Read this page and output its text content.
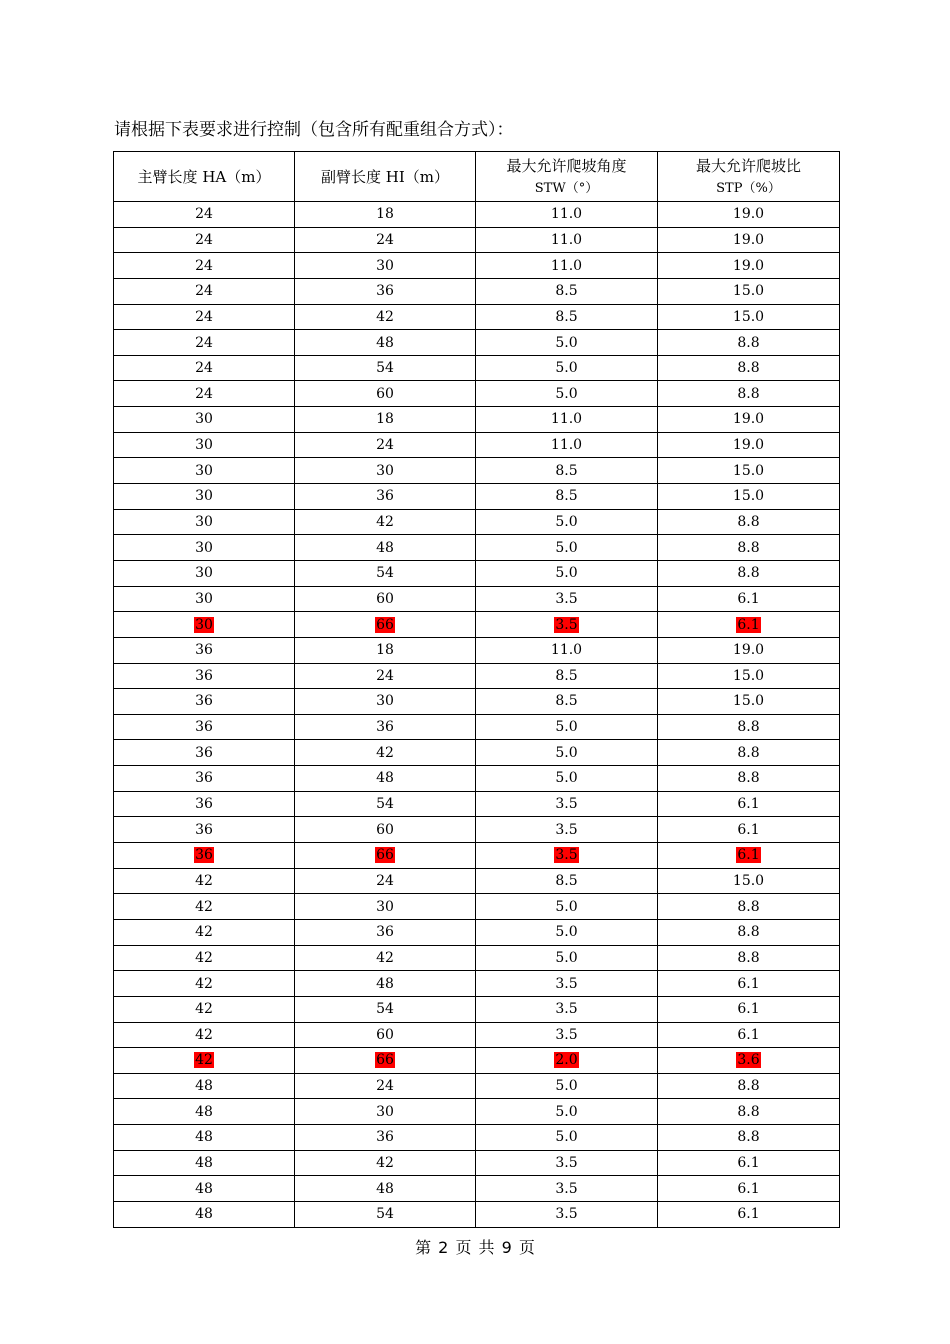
请根据下表要求进行控制（包含所有配重组合方式）：
主臂长度 HA（m）	副臂长度 HI（m）	最大允许爬坡角度
STW（°）	最大允许爬坡比
STP（%）

24	18	11.0	19.0
24	24	11.0	19.0
24	30	11.0	19.0
24	36	8.5	15.0
24	42	8.5	15.0
24	48	5.0	8.8
24	54	5.0	8.8
24	60	5.0	8.8
30	18	11.0	19.0
30	24	11.0	19.0
30	30	8.5	15.0
30	36	8.5	15.0
30	42	5.0	8.8
30	48	5.0	8.8
30	54	5.0	8.8
30	60	3.5	6.1
30	66	3.5	6.1
36	18	11.0	19.0
36	24	8.5	15.0
36	30	8.5	15.0
36	36	5.0	8.8
36	42	5.0	8.8
36	48	5.0	8.8
36	54	3.5	6.1
36	60	3.5	6.1
36	66	3.5	6.1
42	24	8.5	15.0
42	30	5.0	8.8
42	36	5.0	8.8
42	42	5.0	8.8
42	48	3.5	6.1
42	54	3.5	6.1
42	60	3.5	6.1
42	66	2.0	3.6
48	24	5.0	8.8
48	30	5.0	8.8
48	36	5.0	8.8
48	42	3.5	6.1
48	48	3.5	6.1
48	54	3.5	6.1
第 2 页 共 9 页
